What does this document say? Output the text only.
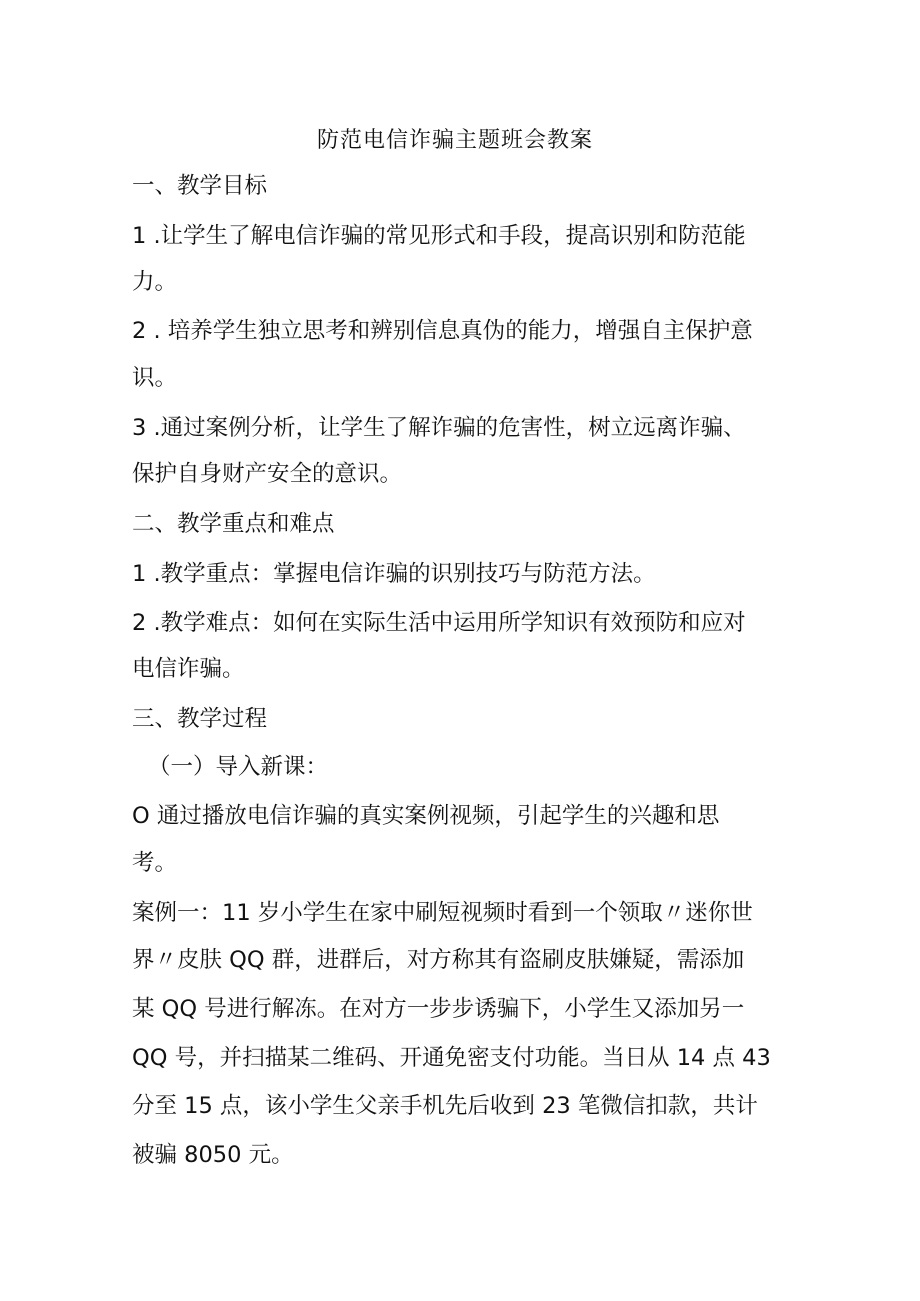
防范电信诈骗主题班会教案
一、教学目标
1 .让学生了解电信诈骗的常见形式和手段，提高识别和防范能
力。
2 . 培养学生独立思考和辨别信息真伪的能力，增强自主保护意
识。
3 .通过案例分析，让学生了解诈骗的危害性，树立远离诈骗、
保护自身财产安全的意识。
二、教学重点和难点
1 .教学重点：掌握电信诈骗的识别技巧与防范方法。
2 .教学难点：如何在实际生活中运用所学知识有效预防和应对
电信诈骗。
三、教学过程
（一）导入新课：
O 通过播放电信诈骗的真实案例视频，引起学生的兴趣和思
考。
案例一：11 岁小学生在家中刷短视频时看到一个领取〃迷你世
界〃皮肤 QQ 群，进群后，对方称其有盗刷皮肤嫌疑，需添加
某 QQ 号进行解冻。在对方一步步诱骗下，小学生又添加另一
QQ 号，并扫描某二维码、开通免密支付功能。当日从 14 点 43
分至 15 点，该小学生父亲手机先后收到 23 笔微信扣款，共计
被骗 8050 元。
